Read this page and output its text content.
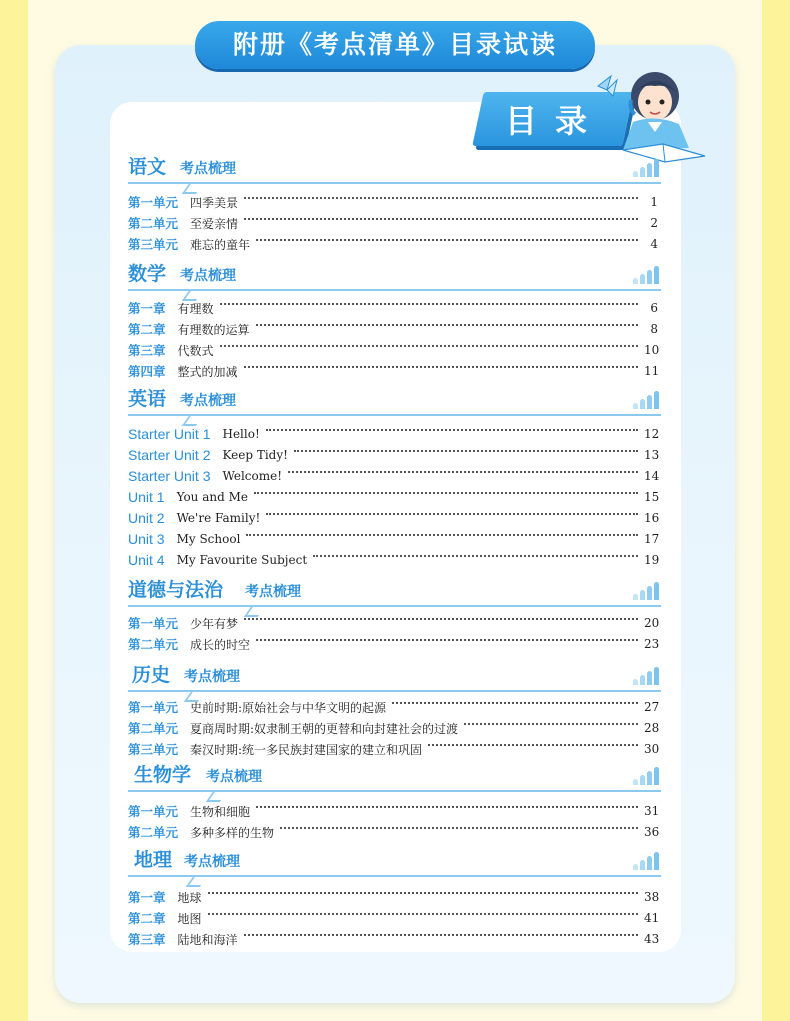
附册《考点清单》目录试读
目录
语文 考点梳理
第一单元 四季美景	1
第二单元 至爱亲情	2
第三单元 难忘的童年	4
数学 考点梳理
第一章 有理数	6
第二章 有理数的运算	8
第三章 代数式	10
第四章 整式的加减	11
英语 考点梳理
Starter Unit 1 Hello!	12
Starter Unit 2 Keep Tidy!	13
Starter Unit 3 Welcome!	14
Unit 1 You and Me	15
Unit 2 We're Family!	16
Unit 3 My School	17
Unit 4 My Favourite Subject	19
道德与法治 考点梳理
第一单元 少年有梦	20
第二单元 成长的时空	23
历史 考点梳理
第一单元 史前时期:原始社会与中华文明的起源	27
第二单元 夏商周时期:奴隶制王朝的更替和向封建社会的过渡	28
第三单元 秦汉时期:统一多民族封建国家的建立和巩固	30
生物学 考点梳理
第一单元 生物和细胞	31
第二单元 多种多样的生物	36
地理 考点梳理
第一章 地球	38
第二章 地图	41
第三章 陆地和海洋	43
